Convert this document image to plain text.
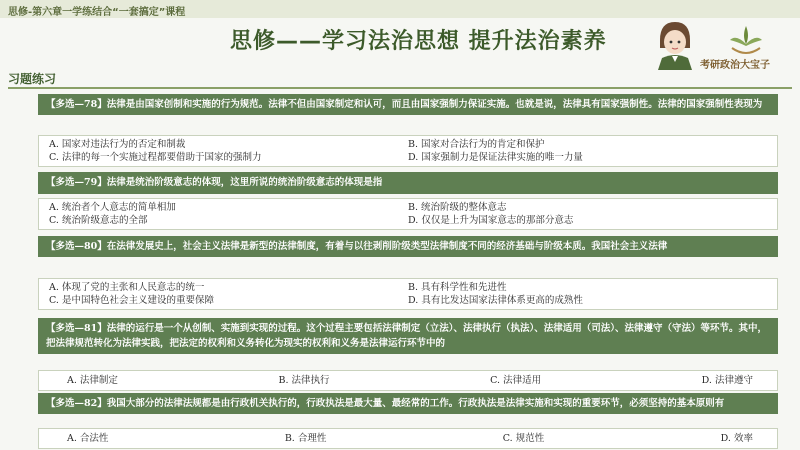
思修-第六章一学练结合“一套搞定”课程
思修——学习法治思想 提升法治素养
考研政治大宝子
习题练习
【多选—78】法律是由国家创制和实施的行为规范。法律不但由国家制定和认可，而且由国家强制力保证实施。也就是说，法律具有国家强制性。法律的国家强制性表现为
A. 国家对违法行为的否定和制裁	B. 国家对合法行为的肯定和保护
C. 法律的每一个实施过程都要借助于国家的强制力	D. 国家强制力是保证法律实施的唯一力量
【多选—79】法律是统治阶级意志的体现，这里所说的统治阶级意志的体现是指
A. 统治者个人意志的简单相加	B. 统治阶级的整体意志
C. 统治阶级意志的全部	D. 仅仅是上升为国家意志的那部分意志
【多选—80】在法律发展史上，社会主义法律是新型的法律制度，有着与以往剥削阶级类型法律制度不同的经济基础与阶级本质。我国社会主义法律
A. 体现了党的主张和人民意志的统一	B. 具有科学性和先进性
C. 是中国特色社会主义建设的重要保障	D. 具有比发达国家法律体系更高的成熟性
【多选—81】法律的运行是一个从创制、实施到实现的过程。这个过程主要包括法律制定（立法）、法律执行（执法）、法律适用（司法）、法律遵守（守法）等环节。其中，把法律规范转化为法律实践，把法定的权利和义务转化为现实的权利和义务是法律运行环节中的
A. 法律制定	B. 法律执行	C. 法律适用	D. 法律遵守
【多选—82】我国大部分的法律法规都是由行政机关执行的，行政执法是最大量、最经常的工作。行政执法是法律实施和实现的重要环节，必须坚持的基本原则有
A. 合法性	B. 合理性	C. 规范性	D. 效率
